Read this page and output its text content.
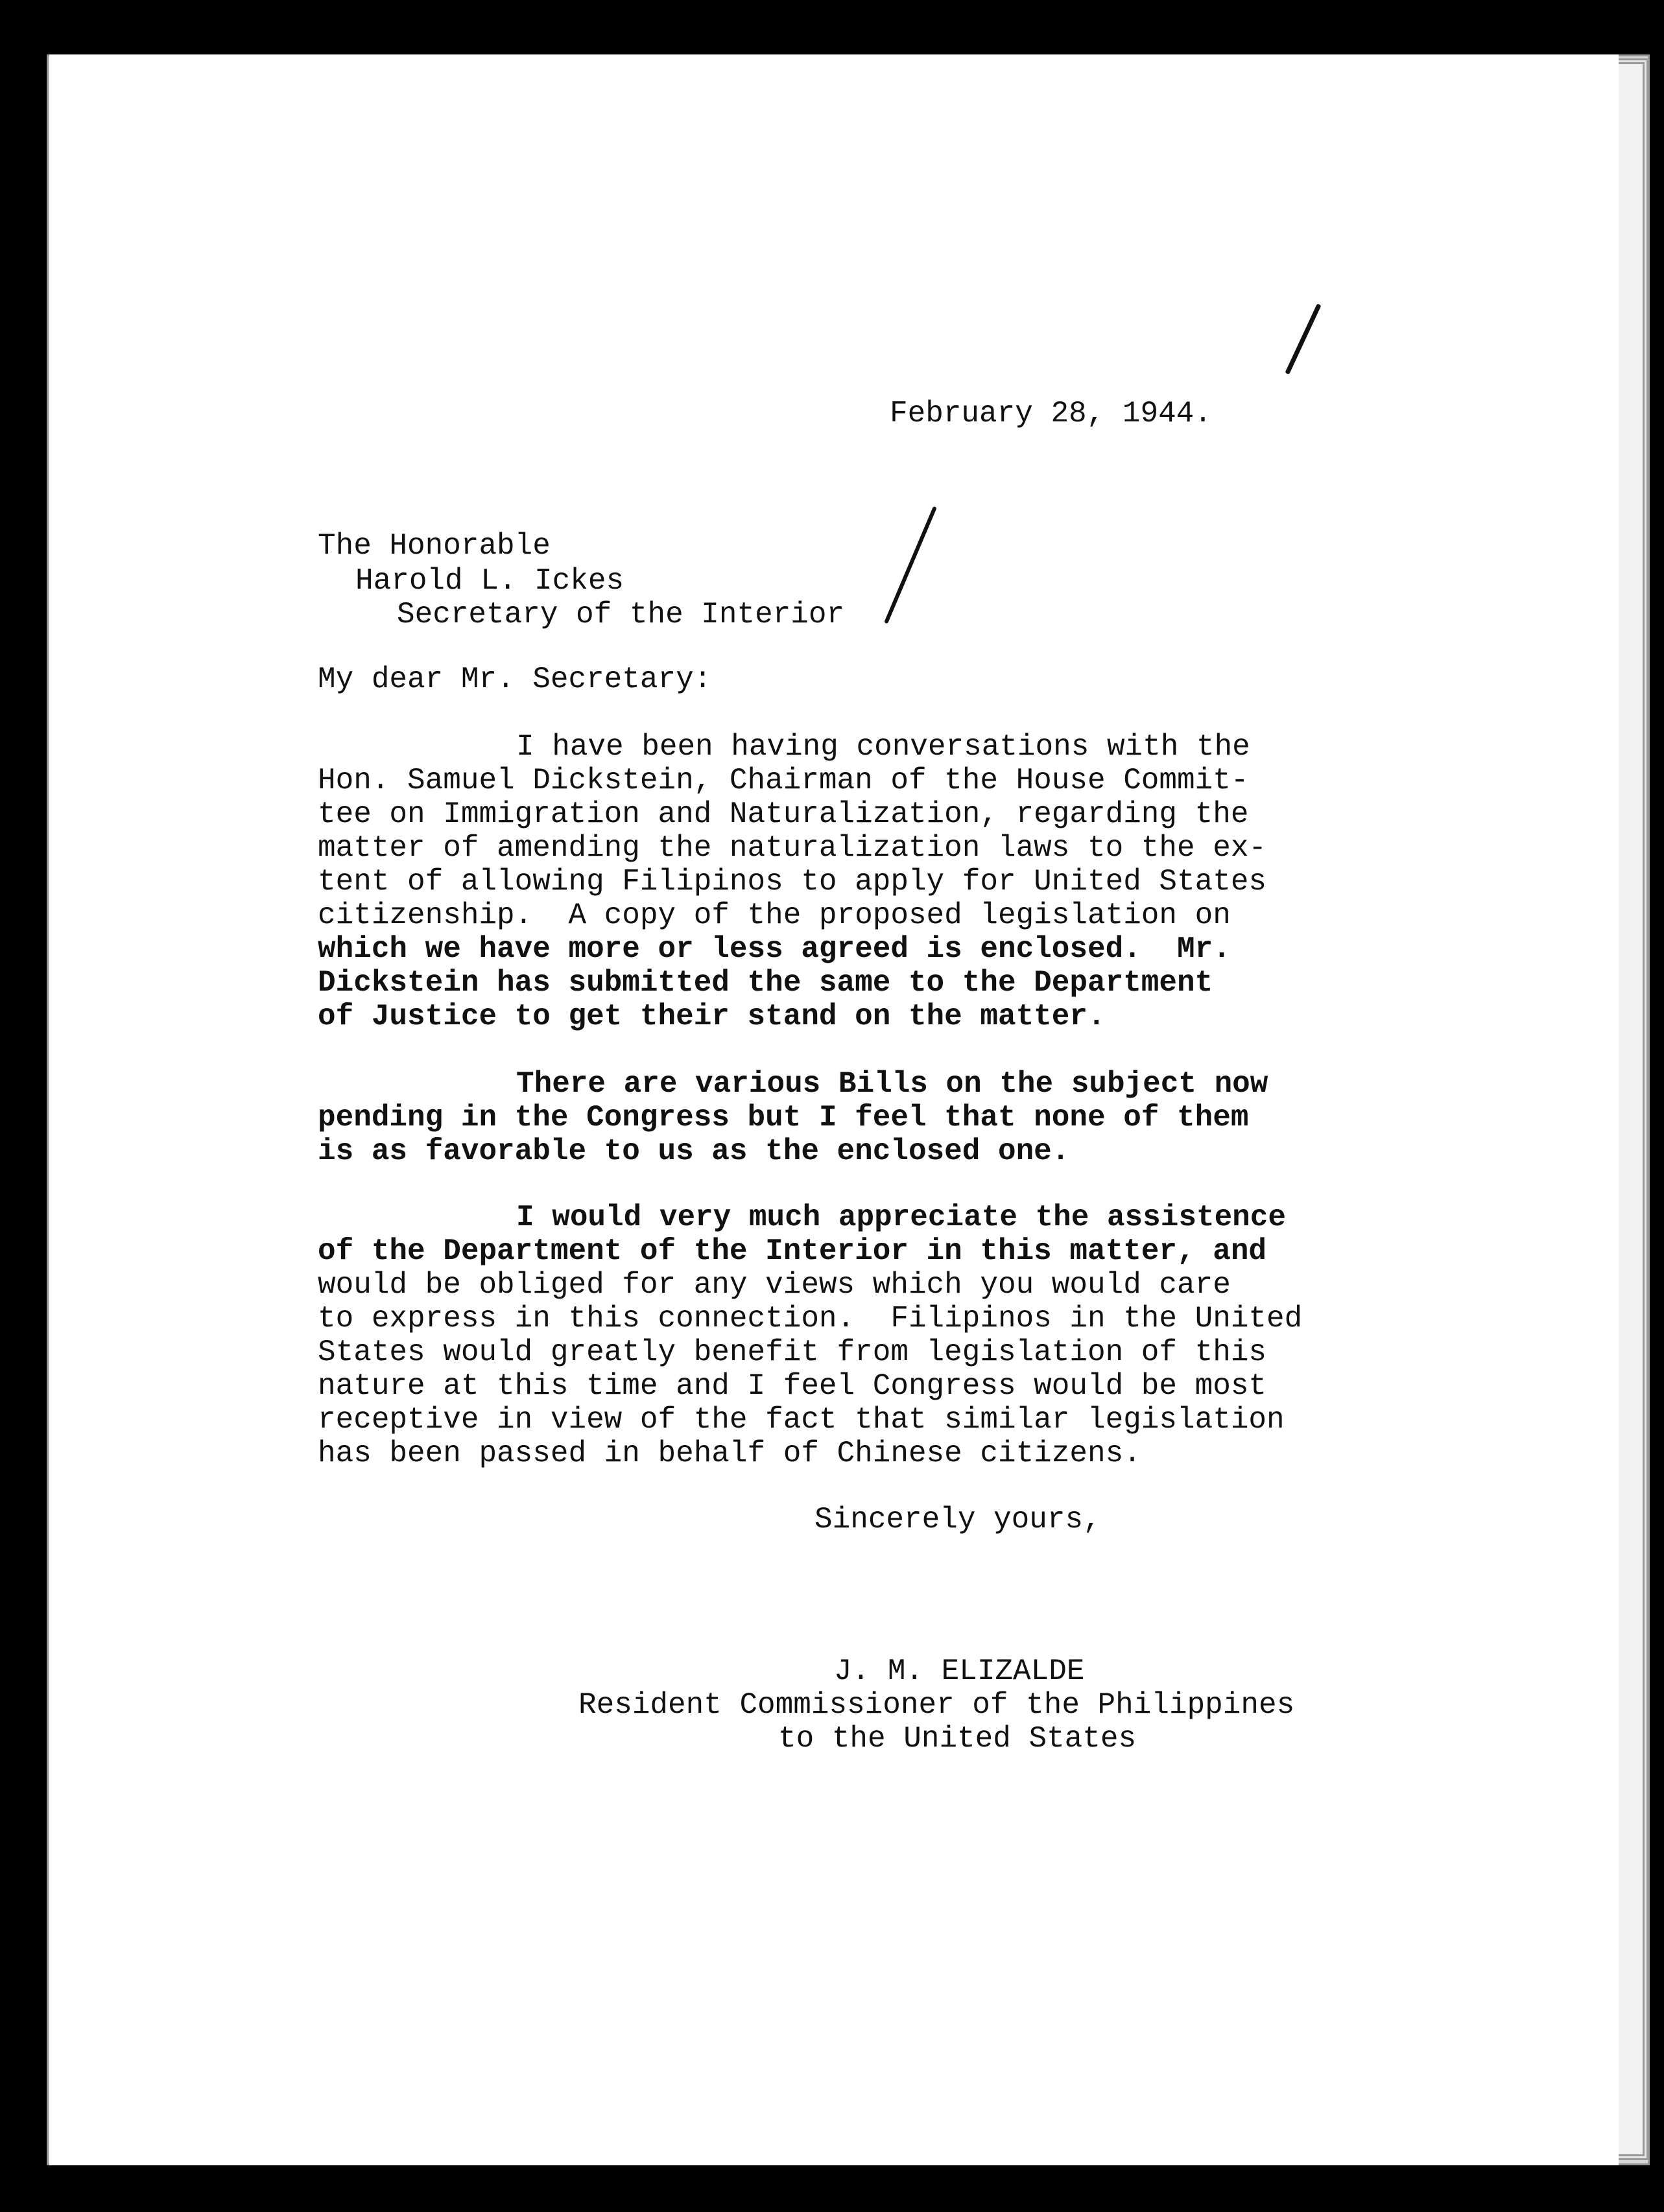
February 28, 1944.
The Honorable
Harold L. Ickes
Secretary of the Interior
My dear Mr. Secretary:
I have been having conversations with the
Hon. Samuel Dickstein, Chairman of the House Commit-
tee on Immigration and Naturalization, regarding the
matter of amending the naturalization laws to the ex-
tent of allowing Filipinos to apply for United States
citizenship.  A copy of the proposed legislation on
which we have more or less agreed is enclosed.  Mr.
Dickstein has submitted the same to the Department
of Justice to get their stand on the matter.
There are various Bills on the subject now
pending in the Congress but I feel that none of them
is as favorable to us as the enclosed one.
I would very much appreciate the assistence
of the Department of the Interior in this matter, and
would be obliged for any views which you would care
to express in this connection.  Filipinos in the United
States would greatly benefit from legislation of this
nature at this time and I feel Congress would be most
receptive in view of the fact that similar legislation
has been passed in behalf of Chinese citizens.
Sincerely yours,
J. M. ELIZALDE
Resident Commissioner of the Philippines
to the United States
